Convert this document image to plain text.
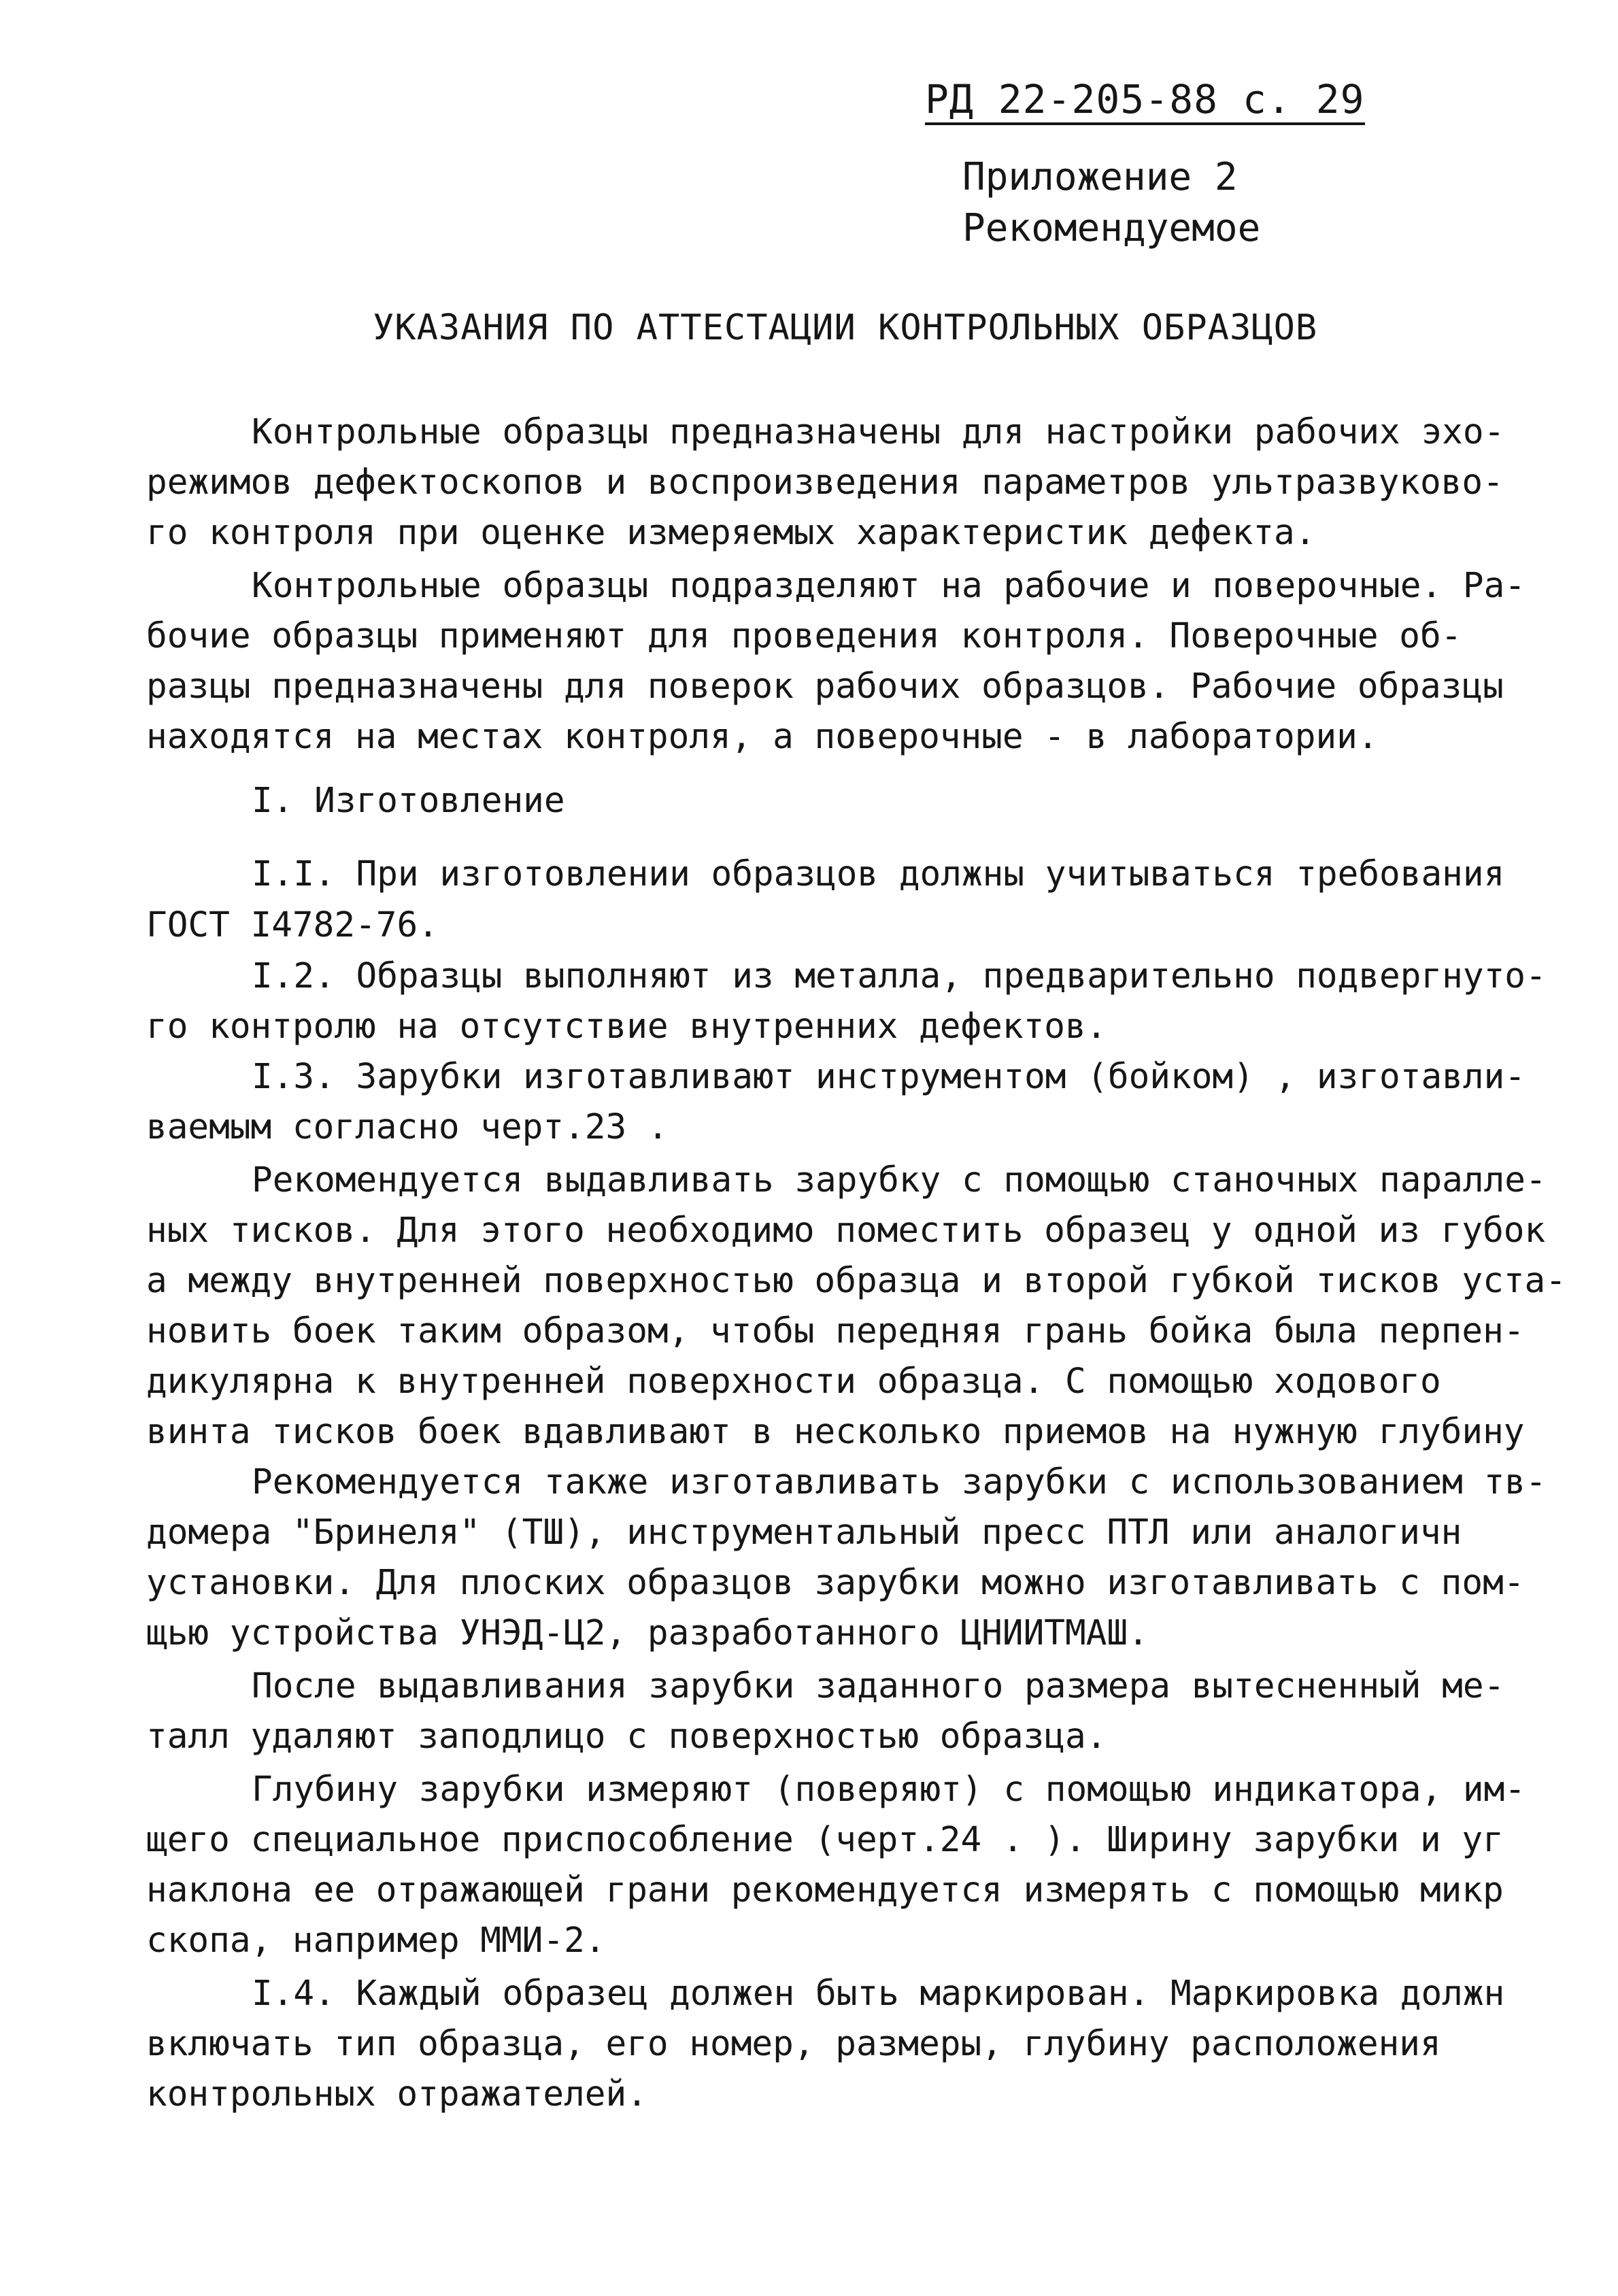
РД 22-205-88 с. 29
Приложение 2
Рекомендуемое
УКАЗАНИЯ ПО АТТЕСТАЦИИ КОНТРОЛЬНЫХ ОБРАЗЦОВ
Контрольные образцы предназначены для настройки рабочих эхо-
режимов дефектоскопов и воспроизведения параметров ультразвуково-
го контроля при оценке измеряемых характеристик дефекта.
Контрольные образцы подразделяют на рабочие и поверочные. Ра-
бочие образцы применяют для проведения контроля. Поверочные об-
разцы предназначены для поверок рабочих образцов. Рабочие образцы
находятся на местах контроля, а поверочные - в лаборатории.
I. Изготовление
I.I. При изготовлении образцов должны учитываться требования
ГОСТ I4782-76.
I.2. Образцы выполняют из металла, предварительно подвергнуто-
го контролю на отсутствие внутренних дефектов.
I.3. Зарубки изготавливают инструментом (бойком) , изготавли-
ваемым согласно черт.23 .
Рекомендуется выдавливать зарубку с помощью станочных паралле-
ных тисков. Для этого необходимо поместить образец у одной из губок
а между внутренней поверхностью образца и второй губкой тисков уста-
новить боек таким образом, чтобы передняя грань бойка была перпен-
дикулярна к внутренней поверхности образца. С помощью ходового
винта тисков боек вдавливают в несколько приемов на нужную глубину
Рекомендуется также изготавливать зарубки с использованием тв-
домера "Бринеля" (ТШ), инструментальный пресс ПТЛ или аналогичн
установки. Для плоских образцов зарубки можно изготавливать с пом-
щью устройства УНЭД-Ц2, разработанного ЦНИИТМАШ.
После выдавливания зарубки заданного размера вытесненный ме-
талл удаляют заподлицо с поверхностью образца.
Глубину зарубки измеряют (поверяют) с помощью индикатора, им-
щего специальное приспособление (черт.24 . ). Ширину зарубки и уг
наклона ее отражающей грани рекомендуется измерять с помощью микр
скопа, например ММИ-2.
I.4. Каждый образец должен быть маркирован. Маркировка должн
включать тип образца, его номер, размеры, глубину расположения
контрольных отражателей.
